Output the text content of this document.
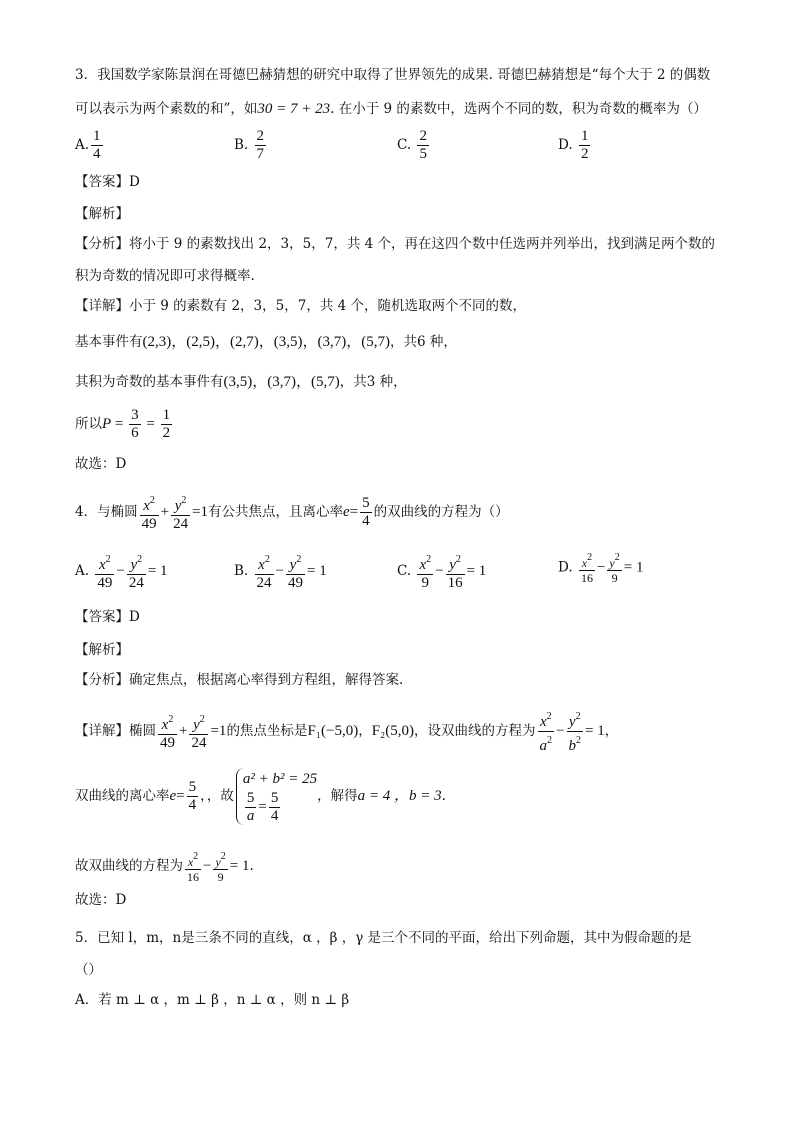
3．我国数学家陈景润在哥德巴赫猜想的研究中取得了世界领先的成果. 哥德巴赫猜想是“每个大于 2 的偶数
可以表示为两个素数的和”，如30 = 7 + 23. 在小于 9 的素数中，选两个不同的数，积为奇数的概率为（）
A. $\frac{1}{4}$	B. $\frac{2}{7}$	C. $\frac{2}{5}$	D. $\frac{1}{2}$
【答案】D
【解析】
【分析】将小于 9 的素数找出 2，3，5，7，共 4 个，再在这四个数中任选两并列举出，找到满足两个数的
积为奇数的情况即可求得概率.
【详解】小于 9 的素数有 2，3，5，7，共 4 个，随机选取两个不同的数，
基本事件有(2,3)，(2,5)，(2,7)，(3,5)，(3,7)，(5,7)，共6 种，
其积为奇数的基本事件有(3,5)，(3,7)，(5,7)，共3 种，
所以$P = \frac{3}{6} = \frac{1}{2}$
故选：D
4．与椭圆 $\frac{x^2}{49} + \frac{y^2}{24} =1$有公共焦点，且离心率$e= \frac{5}{4}$ 的双曲线的方程为（）
A. $\frac{x^2}{49} - \frac{y^2}{24} = 1$	B. $\frac{x^2}{24} - \frac{y^2}{49} = 1$	C. $\frac{x^2}{9} - \frac{y^2}{16} = 1$	D. $\frac{x^2}{16} - \frac{y^2}{9} = 1$
【答案】D
【解析】
【分析】确定焦点，根据离心率得到方程组，解得答案.
【详解】椭圆 $\frac{x^2}{49} + \frac{y^2}{24} =1$的焦点坐标是F₁(−5,0)，F₂(5,0)，设双曲线的方程为 $\frac{x^2}{a^2} - \frac{y^2}{b^2} = 1$，
双曲线的离心率$e= \frac{5}{4}$ ，，故
a² + b² = 25
$\frac{5}{a} = \frac{5}{4}$	，解得a = 4 ，b = 3.
故双曲线的方程为 $\frac{x^2}{16} - \frac{y^2}{9} = 1$.
故选：D
5．已知 l，m，n是三条不同的直线，α ，β ，γ 是三个不同的平面，给出下列命题，其中为假命题的是
（）
A．若 m ⊥ α ，m ⊥ β ，n ⊥ α ，则 n ⊥ β
